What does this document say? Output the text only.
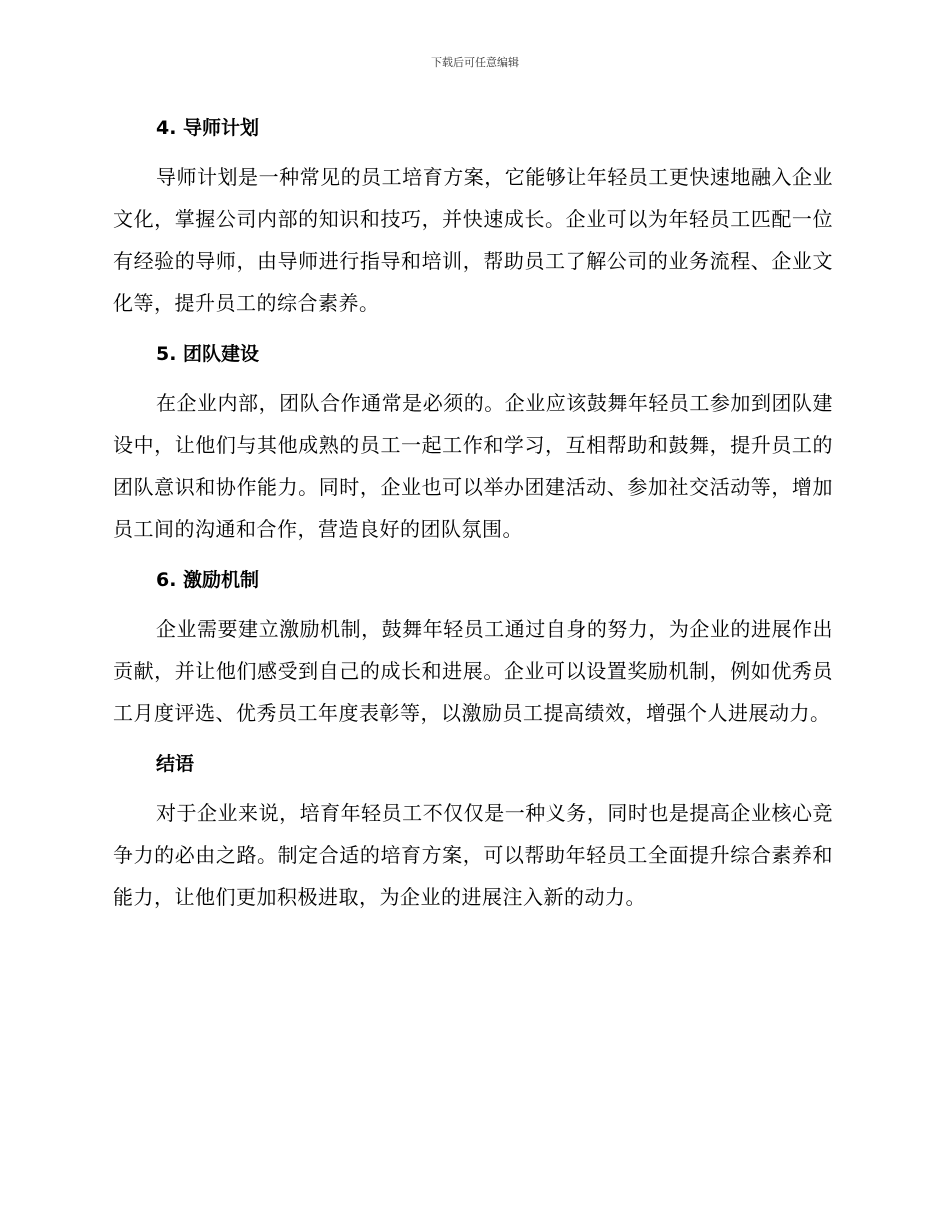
下载后可任意编辑
4. 导师计划

导师计划是一种常见的员工培育方案，它能够让年轻员工更快速地融入企业文化，掌握公司内部的知识和技巧，并快速成长。企业可以为年轻员工匹配一位有经验的导师，由导师进行指导和培训，帮助员工了解公司的业务流程、企业文化等，提升员工的综合素养。

5. 团队建设

在企业内部，团队合作通常是必须的。企业应该鼓舞年轻员工参加到团队建设中，让他们与其他成熟的员工一起工作和学习，互相帮助和鼓舞，提升员工的团队意识和协作能力。同时，企业也可以举办团建活动、参加社交活动等，增加员工间的沟通和合作，营造良好的团队氛围。

6. 激励机制

企业需要建立激励机制，鼓舞年轻员工通过自身的努力，为企业的进展作出贡献，并让他们感受到自己的成长和进展。企业可以设置奖励机制，例如优秀员工月度评选、优秀员工年度表彰等，以激励员工提高绩效，增强个人进展动力。

结语

对于企业来说，培育年轻员工不仅仅是一种义务，同时也是提高企业核心竞争力的必由之路。制定合适的培育方案，可以帮助年轻员工全面提升综合素养和能力，让他们更加积极进取，为企业的进展注入新的动力。
